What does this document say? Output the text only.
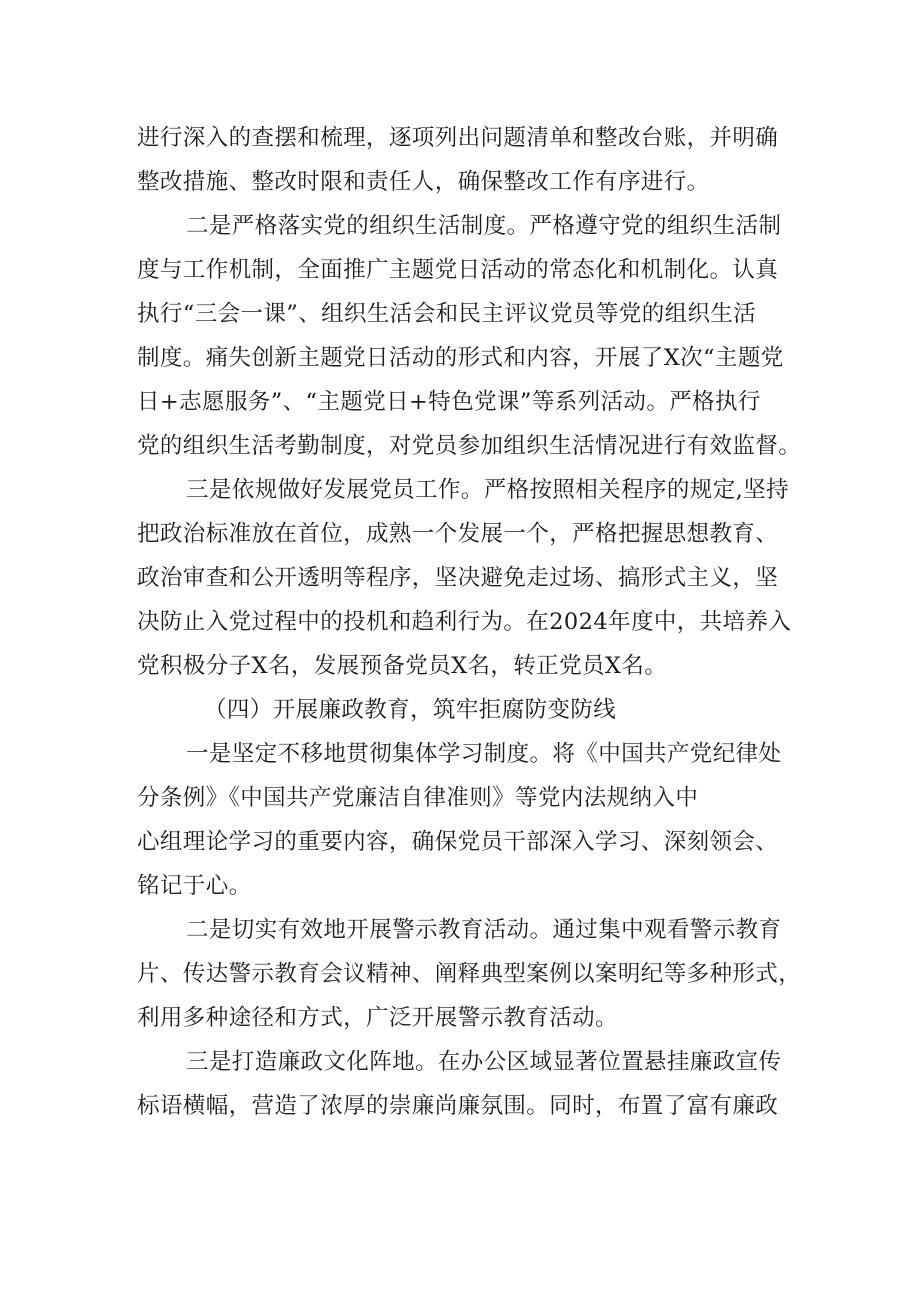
进行深入的查摆和梳理，逐项列出问题清单和整改台账，并明确
整改措施、整改时限和责任人，确保整改工作有序进行。
二是严格落实党的组织生活制度。严格遵守党的组织生活制
度与工作机制，全面推广主题党日活动的常态化和机制化。认真
执行“三会一课”、组织生活会和民主评议党员等党的组织生活
制度。痛失创新主题党日活动的形式和内容，开展了X次“主题党
日+志愿服务”、“主题党日+特色党课”等系列活动。严格执行
党的组织生活考勤制度，对党员参加组织生活情况进行有效监督。
三是依规做好发展党员工作。严格按照相关程序的规定,坚持
把政治标准放在首位，成熟一个发展一个，严格把握思想教育、
政治审查和公开透明等程序，坚决避免走过场、搞形式主义，坚
决防止入党过程中的投机和趋利行为。在2024年度中，共培养入
党积极分子X名，发展预备党员X名，转正党员X名。
（四）开展廉政教育，筑牢拒腐防变防线
一是坚定不移地贯彻集体学习制度。将《中国共产党纪律处
分条例》《中国共产党廉洁自律准则》等党内法规纳入中
心组理论学习的重要内容，确保党员干部深入学习、深刻领会、
铭记于心。
二是切实有效地开展警示教育活动。通过集中观看警示教育
片、传达警示教育会议精神、阐释典型案例以案明纪等多种形式，
利用多种途径和方式，广泛开展警示教育活动。
三是打造廉政文化阵地。在办公区域显著位置悬挂廉政宣传
标语横幅，营造了浓厚的崇廉尚廉氛围。同时，布置了富有廉政
